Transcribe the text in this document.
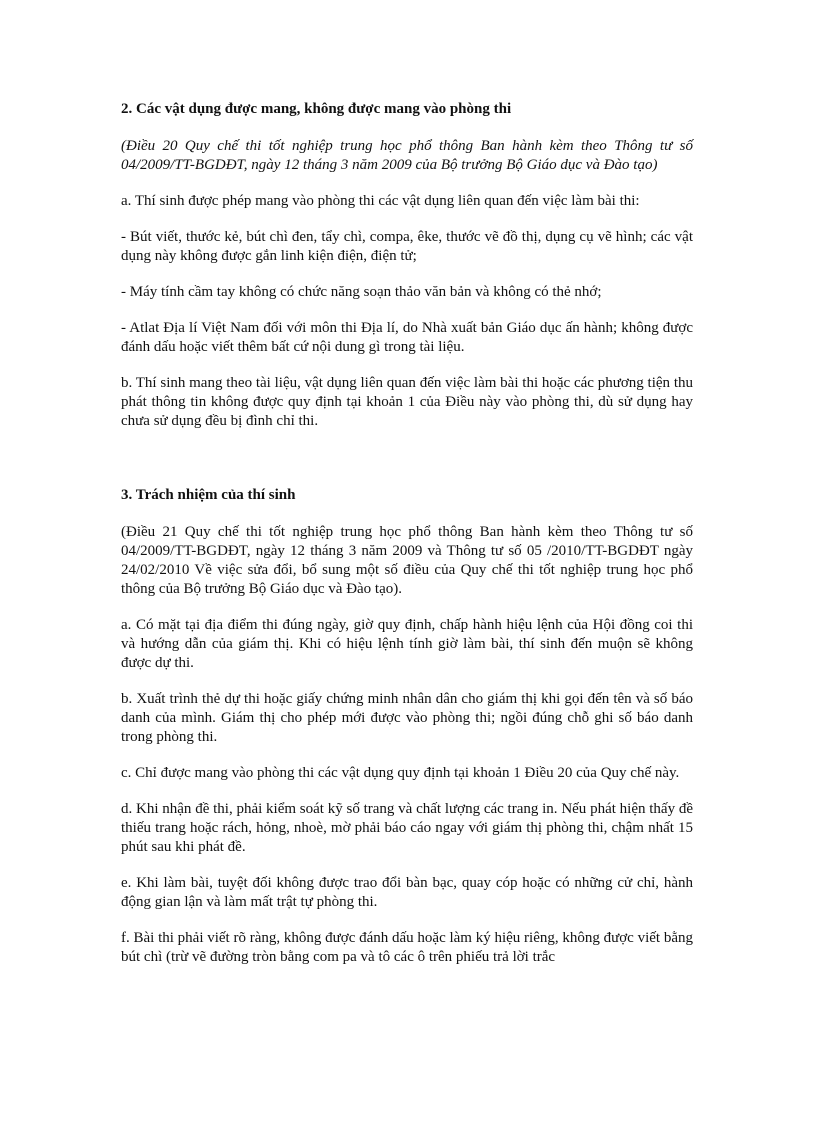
2. Các vật dụng được mang, không được mang vào phòng thi

(Điều 20 Quy chế thi tốt nghiệp trung học phổ thông Ban hành kèm theo Thông tư số 04/2009/TT-BGDĐT, ngày 12 tháng 3 năm 2009 của Bộ trưởng Bộ Giáo dục và Đào tạo)

a. Thí sinh được phép mang vào phòng thi các vật dụng liên quan đến việc làm bài thi:

- Bút viết, thước kẻ, bút chì đen, tẩy chì, compa, êke, thước vẽ đồ thị, dụng cụ vẽ hình; các vật dụng này không được gắn linh kiện điện, điện tử;

- Máy tính cầm tay không có chức năng soạn thảo văn bản và không có thẻ nhớ;

- Atlat Địa lí Việt Nam đối với môn thi Địa lí, do Nhà xuất bản Giáo dục ấn hành; không được đánh dấu hoặc viết thêm bất cứ nội dung gì trong tài liệu.

b. Thí sinh mang theo tài liệu, vật dụng liên quan đến việc làm bài thi hoặc các phương tiện thu phát thông tin không được quy định tại khoản 1 của Điều này vào phòng thi, dù sử dụng hay chưa sử dụng đều bị đình chỉ thi.

3. Trách nhiệm của thí sinh

(Điều 21 Quy chế thi tốt nghiệp trung học phổ thông Ban hành kèm theo Thông tư số 04/2009/TT-BGDĐT, ngày 12 tháng 3 năm 2009 và Thông tư số 05 /2010/TT-BGDĐT ngày 24/02/2010 Về việc sửa đổi, bổ sung một số điều của Quy chế thi tốt nghiệp trung học phổ thông của Bộ trưởng Bộ Giáo dục và Đào tạo).

a. Có mặt tại địa điểm thi đúng ngày, giờ quy định, chấp hành hiệu lệnh của Hội đồng coi thi và hướng dẫn của giám thị. Khi có hiệu lệnh tính giờ làm bài, thí sinh đến muộn sẽ không được dự thi.

b. Xuất trình thẻ dự thi hoặc giấy chứng minh nhân dân cho giám thị khi gọi đến tên và số báo danh của mình. Giám thị cho phép mới được vào phòng thi; ngồi đúng chỗ ghi số báo danh trong phòng thi.

c. Chỉ được mang vào phòng thi các vật dụng quy định tại khoản 1 Điều 20 của Quy chế này.

d. Khi nhận đề thi, phải kiểm soát kỹ số trang và chất lượng các trang in. Nếu phát hiện thấy đề thiếu trang hoặc rách, hỏng, nhoè, mờ phải báo cáo ngay với giám thị phòng thi, chậm nhất 15 phút sau khi phát đề.

e. Khi làm bài, tuyệt đối không được trao đổi bàn bạc, quay cóp hoặc có những cử chỉ, hành động gian lận và làm mất trật tự phòng thi.

f. Bài thi phải viết rõ ràng, không được đánh dấu hoặc làm ký hiệu riêng, không được viết bằng bút chì (trừ vẽ đường tròn bằng com pa và tô các ô trên phiếu trả lời trắc
